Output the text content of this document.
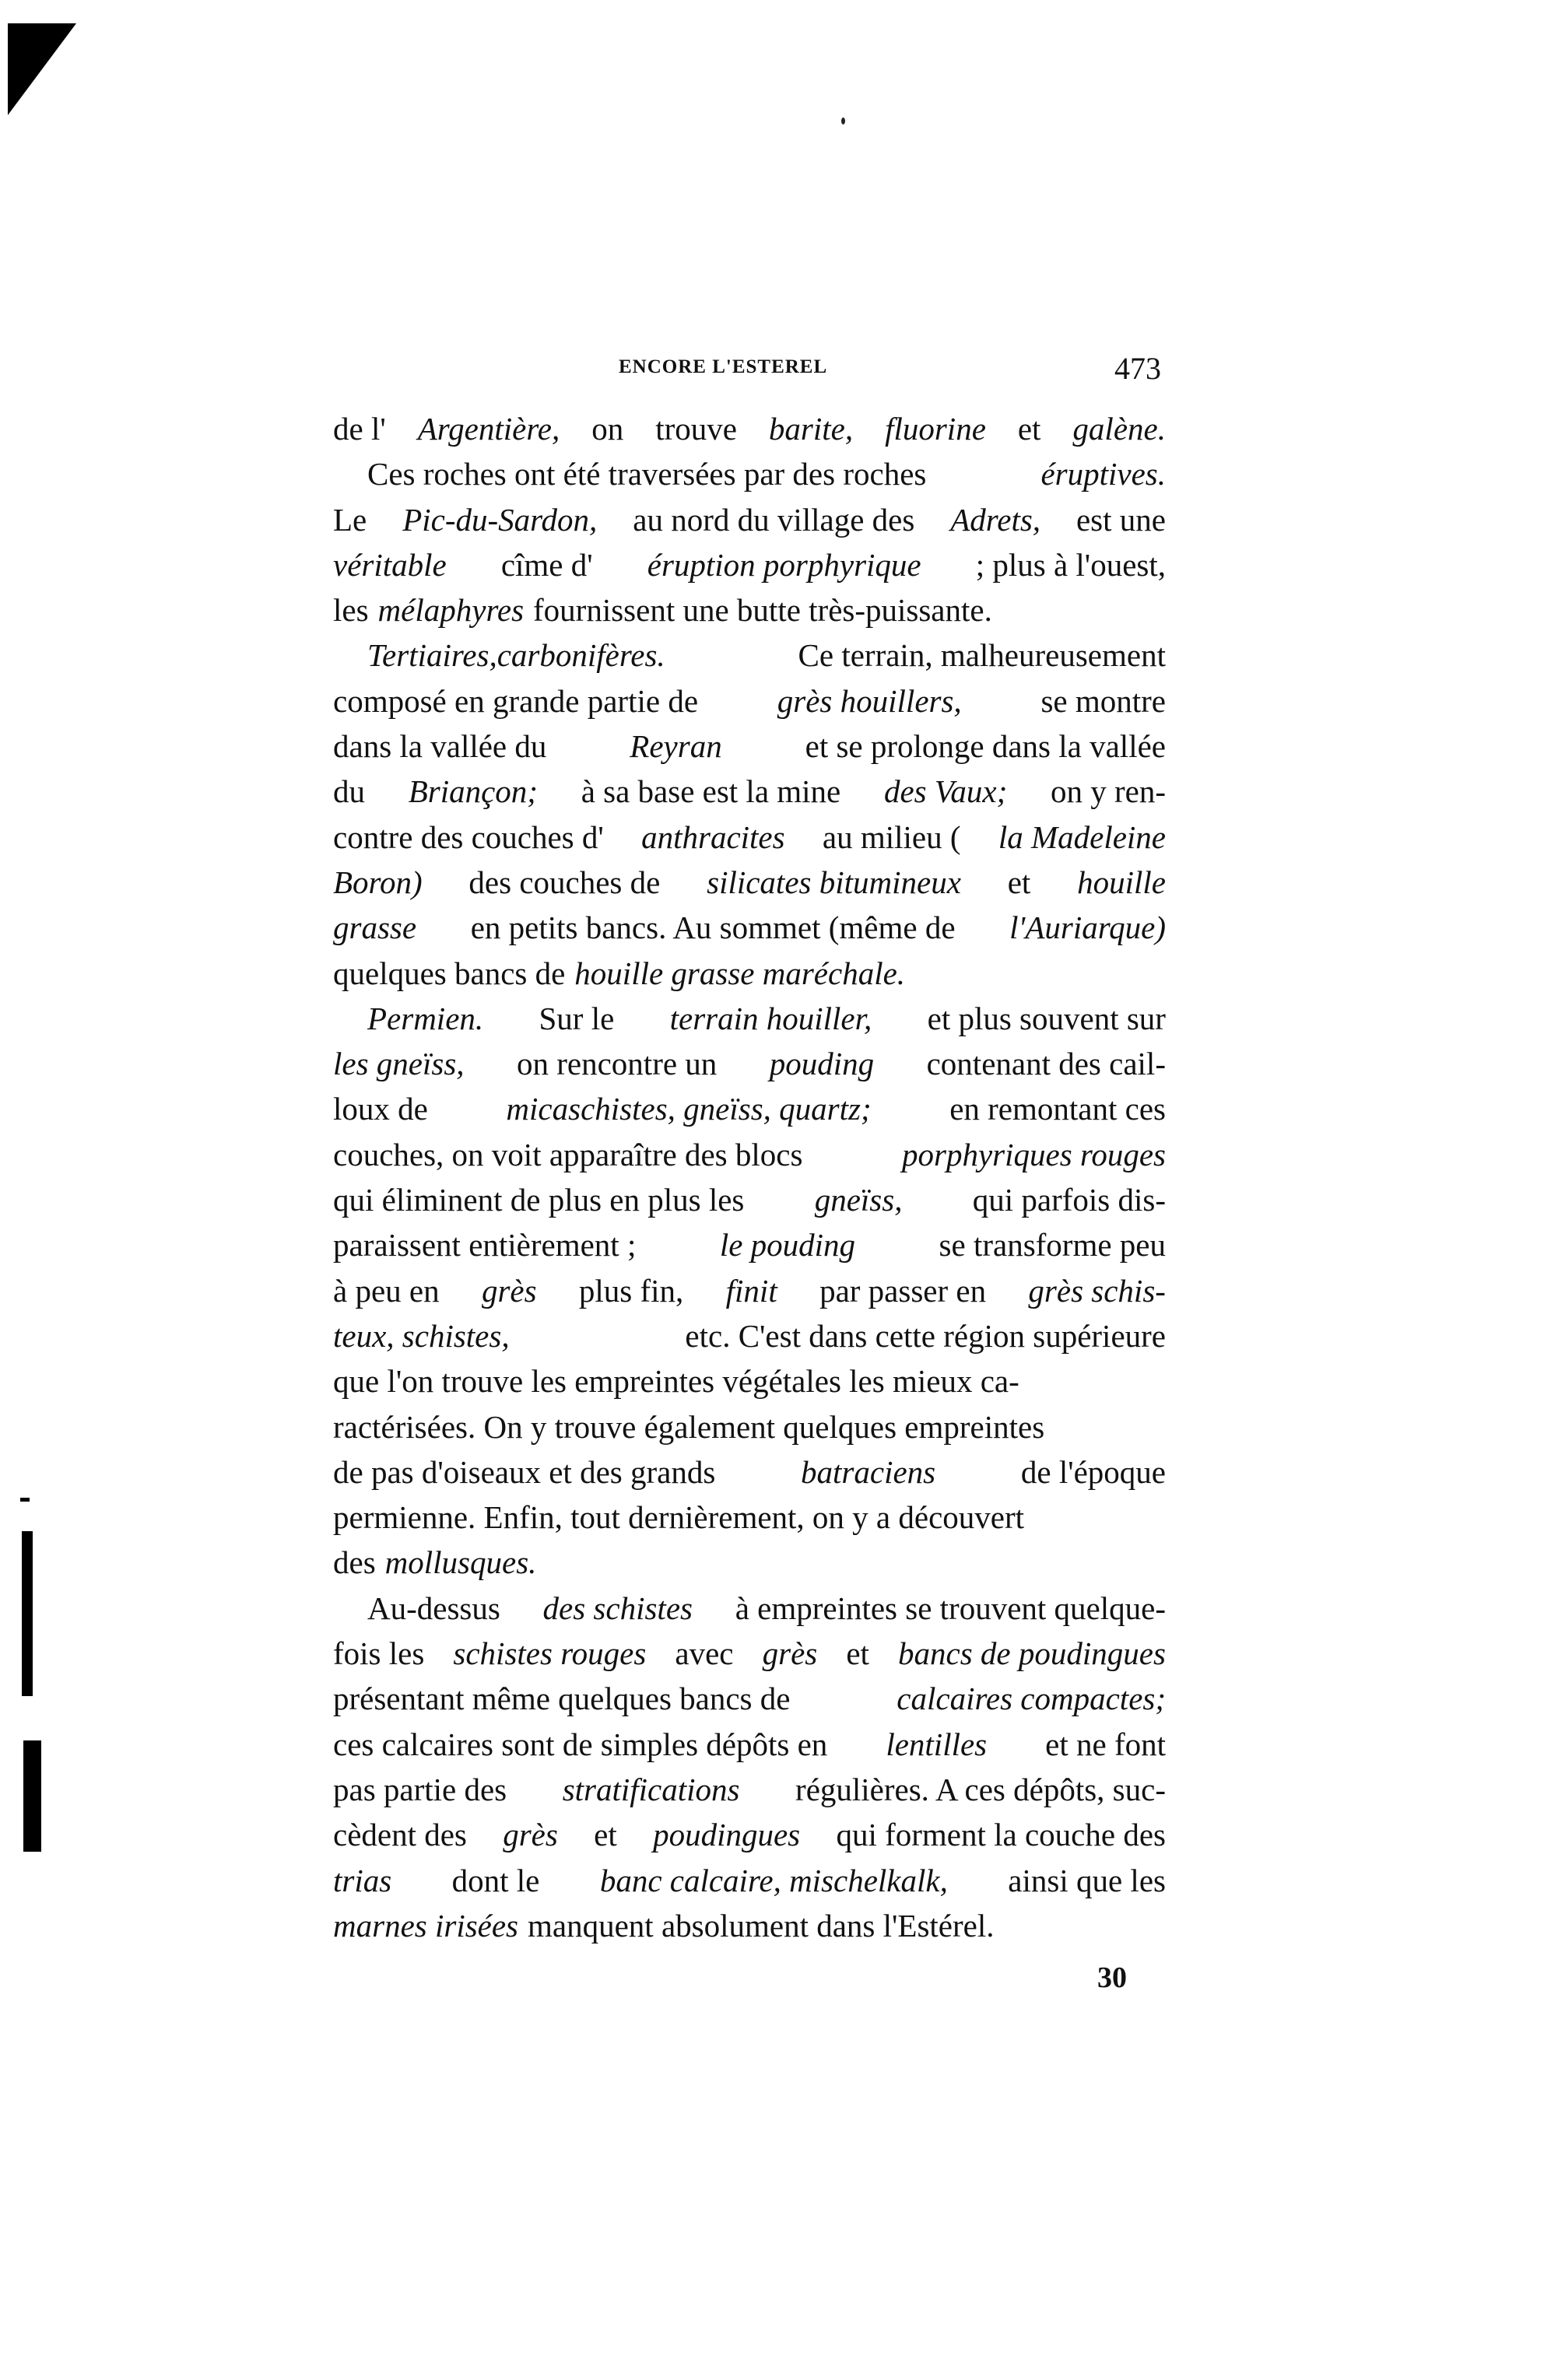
ENCORE L'ESTEREL	473
de l' Argentière, on trouve barite, fluorine et galène.
Ces roches ont été traversées par des roches	éruptives.
Le Pic-du-Sardon, au nord du village des Adrets, est une
véritable cîme d' éruption porphyrique ; plus à l'ouest,
les mélaphyres fournissent une butte très-puissante.
Tertiaires,carbonifères.	Ce terrain, malheureusement
composé en grande partie de grès houillers, se montre
dans la vallée du	Reyran	et se prolonge dans la vallée
du Briançon; à sa base est la mine des Vaux; on y ren-
contre des couches d' anthracites au milieu ( la Madeleine
Boron) des couches de silicates bitumineux et houille
grasse en petits bancs. Au sommet (même de l'Auriarque)
quelques bancs de houille grasse maréchale.
Permien. Sur le terrain houiller, et plus souvent sur
les gneïss, on rencontre un pouding contenant des cail-
loux de micaschistes, gneïss, quartz; en remontant ces
couches, on voit apparaître des blocs	porphyriques rouges
qui éliminent de plus en plus les gneïss, qui parfois dis-
paraissent entièrement ;	le pouding	se transforme peu
à peu en grès plus fin, finit par passer en grès schis-
teux, schistes,	etc. C'est dans cette région supérieure
que l'on trouve les empreintes végétales les mieux ca-
ractérisées. On y trouve également quelques empreintes
de pas d'oiseaux et des grands	batraciens	de l'époque
permienne. Enfin, tout dernièrement, on y a découvert
des mollusques.
Au-dessus des schistes à empreintes se trouvent quelque-
fois les schistes rouges avec grès et bancs de poudingues
présentant même quelques bancs de	calcaires compactes;
ces calcaires sont de simples dépôts en lentilles et ne font
pas partie des stratifications régulières. A ces dépôts, suc-
cèdent des grès et poudingues qui forment la couche des
trias dont le banc calcaire, mischelkalk, ainsi que les
marnes irisées manquent absolument dans l'Estérel.
30
